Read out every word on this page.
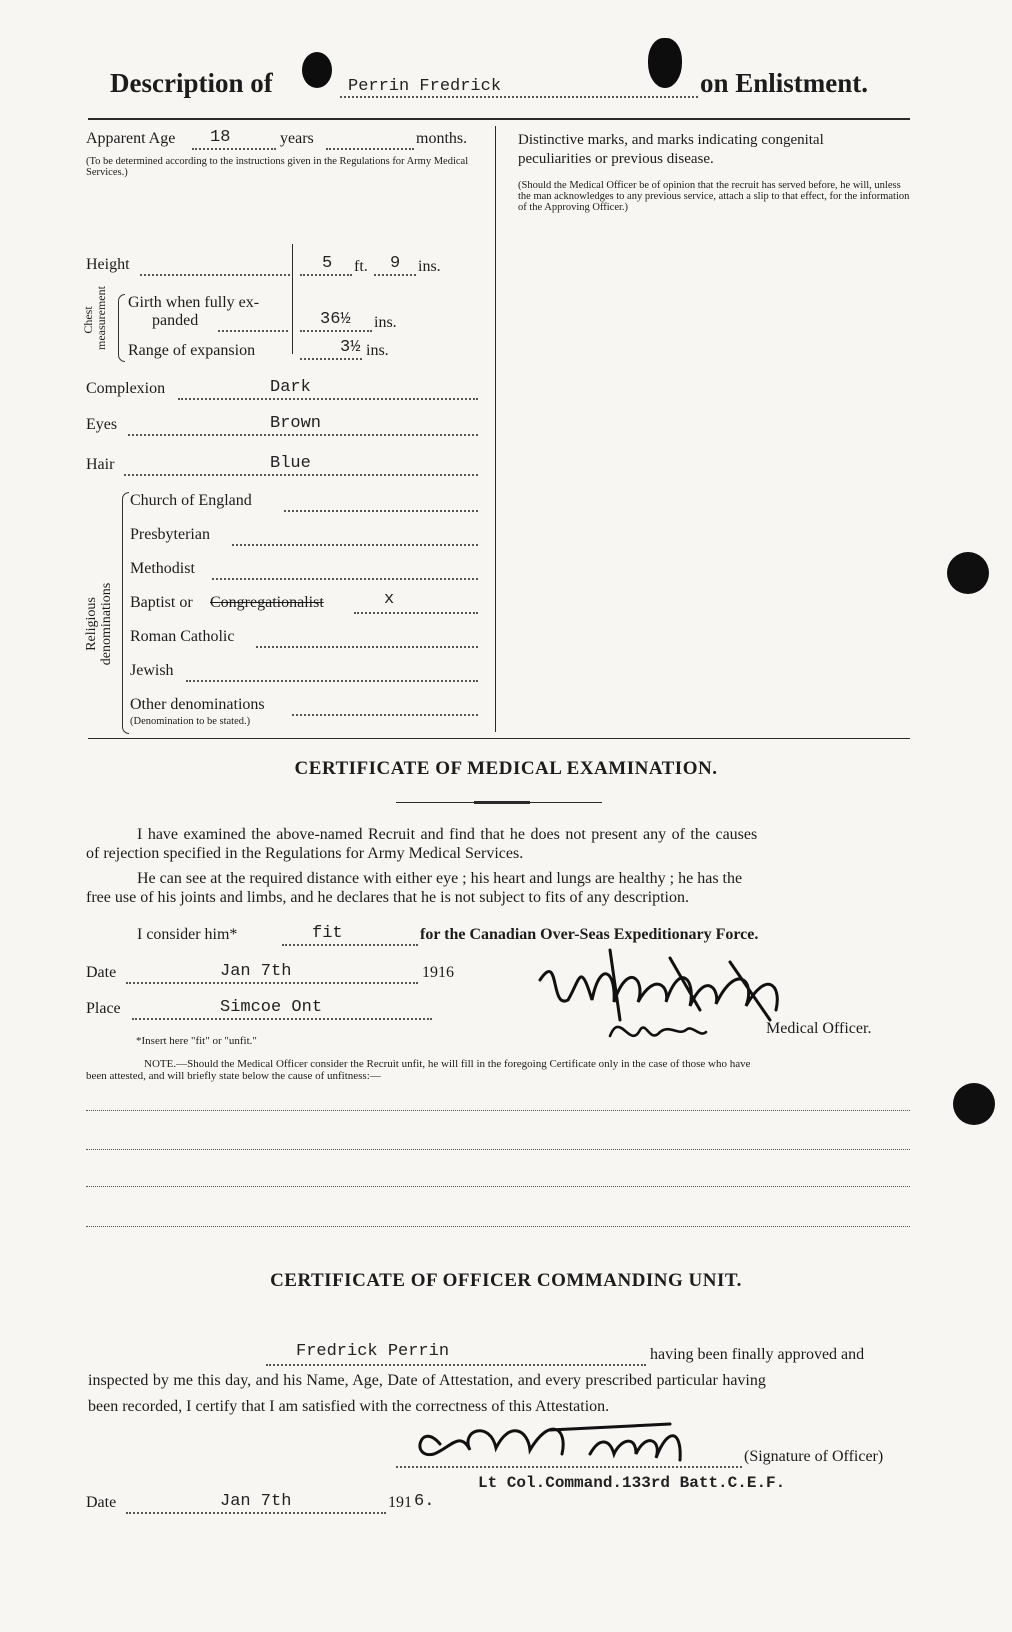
Description of	Perrin Fredrick	on Enlistment.
Apparent Age 18	years	months.
(To be determined according to the instructions given in the Regulations for Army Medical Services.)
Height	5 ft. 9 ins.
Chest measurement Girth when fully ex-
panded	36½ ins.
Range of expansion	3½ ins.
Complexion	Dark
Eyes	Brown
Hair	Blue
Religious denominations
Church of England
Presbyterian
Methodist
Baptist or Congregationalist	x
Roman Catholic
Jewish
Other denominations
(Denomination to be stated.)
Distinctive marks, and marks indicating congenital
peculiarities or previous disease.
(Should the Medical Officer be of opinion that the recruit has served before, he will, unless the man acknowledges to any previous service, attach a slip to that effect, for the information of the Approving Officer.)
CERTIFICATE OF MEDICAL EXAMINATION.
I have examined the above-named Recruit and find that he does not present any of the causes
of rejection specified in the Regulations for Army Medical Services.
He can see at the required distance with either eye ; his heart and lungs are healthy ; he has the
free use of his joints and limbs, and he declares that he is not subject to fits of any description.
I consider him*	fit	for the Canadian Over-Seas Expeditionary Force.
Date	Jan 7th	1916
Place	Simcoe Ont
*Insert here "fit" or "unfit."
Medical Officer.
NOTE.—Should the Medical Officer consider the Recruit unfit, he will fill in the foregoing Certificate only in the case of those who have
been attested, and will briefly state below the cause of unfitness:—
CERTIFICATE OF OFFICER COMMANDING UNIT.
Fredrick Perrin	having been finally approved and
inspected by me this day, and his Name, Age, Date of Attestation, and every prescribed particular having
been recorded, I certify that I am satisfied with the correctness of this Attestation.
(Signature of Officer)
Lt Col.Command.133rd Batt.C.E.F.
Date	Jan 7th	191 6.
